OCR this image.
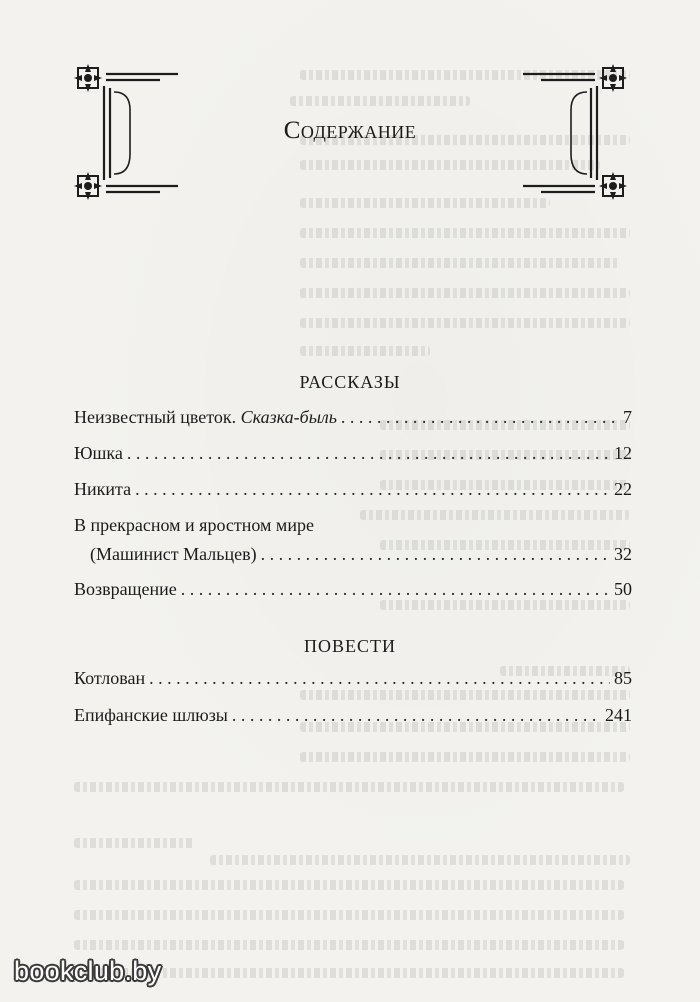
Содержание
РАССКАЗЫ
Неизвестный цветок. Сказка-быль . . .	7
Юшка . . .	12
Никита . . .	22
В прекрасном и яростном мире
(Машинист Мальцев) . . .	32
Возвращение . . .	50
ПОВЕСТИ
Котлован . . .	85
Епифанские шлюзы . . .	241
bookclub.by
